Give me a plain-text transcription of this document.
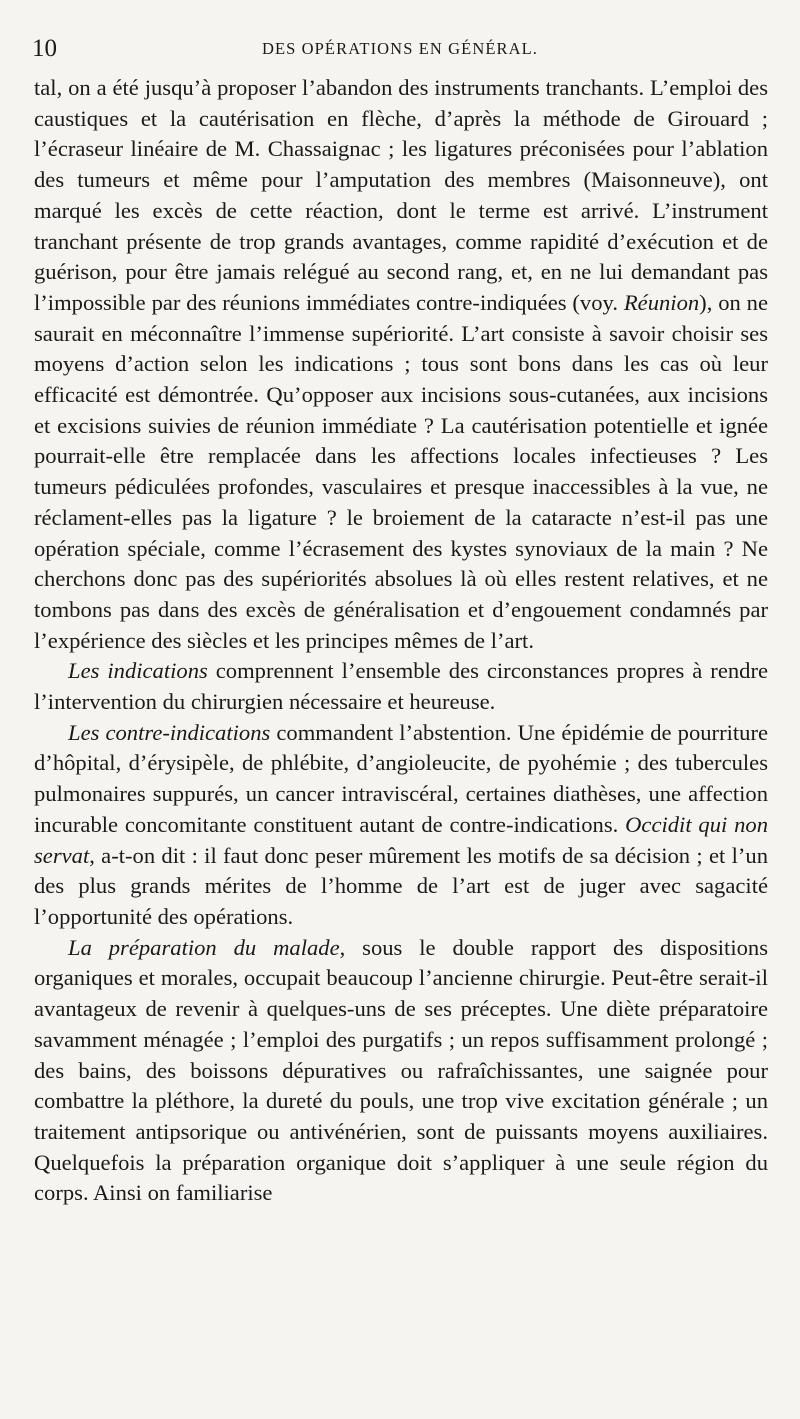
10	DES OPÉRATIONS EN GÉNÉRAL.

tal, on a été jusqu’à proposer l’abandon des instruments tranchants. L’emploi des caustiques et la cautérisation en flèche, d’après la méthode de Girouard ; l’écraseur linéaire de M. Chassaignac ; les ligatures préconisées pour l’ablation des tumeurs et même pour l’amputation des membres (Maisonneuve), ont marqué les excès de cette réaction, dont le terme est arrivé. L’instrument tranchant présente de trop grands avantages, comme rapidité d’exécution et de guérison, pour être jamais relégué au second rang, et, en ne lui demandant pas l’impossible par des réunions immédiates contre-indiquées (voy. Réunion), on ne saurait en méconnaître l’immense supériorité. L’art consiste à savoir choisir ses moyens d’action selon les indications ; tous sont bons dans les cas où leur efficacité est démontrée. Qu’opposer aux incisions sous-cutanées, aux incisions et excisions suivies de réunion immédiate ? La cautérisation potentielle et ignée pourrait-elle être remplacée dans les affections locales infectieuses ? Les tumeurs pédiculées profondes, vasculaires et presque inaccessibles à la vue, ne réclament-elles pas la ligature ? le broiement de la cataracte n’est-il pas une opération spéciale, comme l’écrasement des kystes synoviaux de la main ? Ne cherchons donc pas des supériorités absolues là où elles restent relatives, et ne tombons pas dans des excès de généralisation et d’engouement condamnés par l’expérience des siècles et les principes mêmes de l’art.

Les indications comprennent l’ensemble des circonstances propres à rendre l’intervention du chirurgien nécessaire et heureuse.

Les contre-indications commandent l’abstention. Une épidémie de pourriture d’hôpital, d’érysipèle, de phlébite, d’angioleucite, de pyohémie ; des tubercules pulmonaires suppurés, un cancer intraviscéral, certaines diathèses, une affection incurable concomitante constituent autant de contre-indications. Occidit qui non servat, a-t-on dit : il faut donc peser mûrement les motifs de sa décision ; et l’un des plus grands mérites de l’homme de l’art est de juger avec sagacité l’opportunité des opérations.

La préparation du malade, sous le double rapport des dispositions organiques et morales, occupait beaucoup l’ancienne chirurgie. Peut-être serait-il avantageux de revenir à quelques-uns de ses préceptes. Une diète préparatoire savamment ménagée ; l’emploi des purgatifs ; un repos suffisamment prolongé ; des bains, des boissons dépuratives ou rafraîchissantes, une saignée pour combattre la pléthore, la dureté du pouls, une trop vive excitation générale ; un traitement antipsorique ou antivénérien, sont de puissants moyens auxiliaires. Quelquefois la préparation organique doit s’appliquer à une seule région du corps. Ainsi on familiarise
